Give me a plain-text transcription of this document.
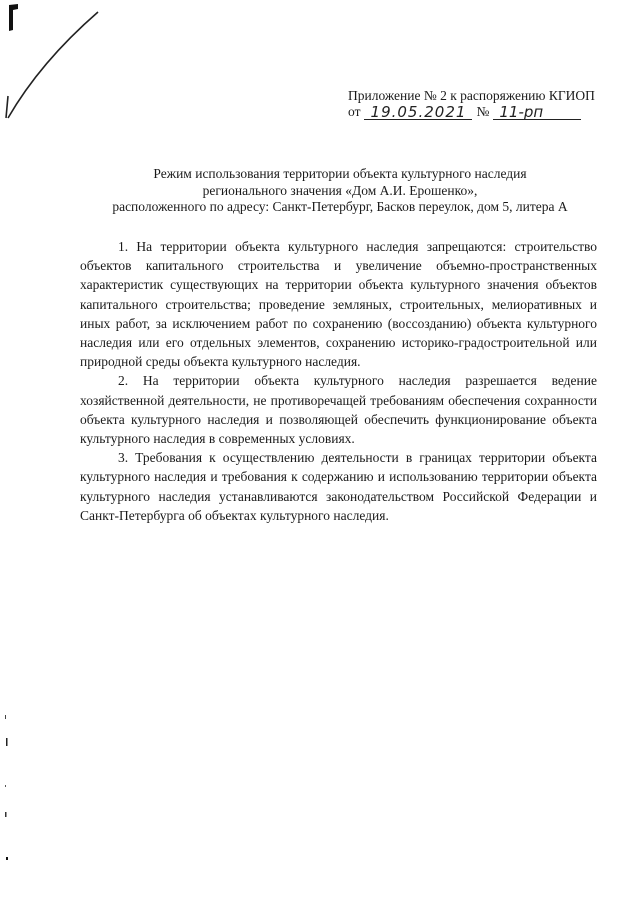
Приложение № 2 к распоряжению КГИОП
от 19.05.2021 № 11-рп
Режим использования территории объекта культурного наследия
регионального значения «Дом А.И. Ерошенко»,
расположенного по адресу: Санкт-Петербург, Басков переулок, дом 5, литера А

1. На территории объекта культурного наследия запрещаются: строительство объектов капитального строительства и увеличение объемно-пространственных характеристик существующих на территории объекта культурного значения объектов капитального строительства; проведение земляных, строительных, мелиоративных и иных работ, за исключением работ по сохранению (воссозданию) объекта культурного наследия или его отдельных элементов, сохранению историко-градостроительной или природной среды объекта культурного наследия.

2. На территории объекта культурного наследия разрешается ведение хозяйственной деятельности, не противоречащей требованиям обеспечения сохранности объекта культурного наследия и позволяющей обеспечить функционирование объекта культурного наследия в современных условиях.

3. Требования к осуществлению деятельности в границах территории объекта культурного наследия и требования к содержанию и использованию территории объекта культурного наследия устанавливаются законодательством Российской Федерации и Санкт-Петербурга об объектах культурного наследия.
